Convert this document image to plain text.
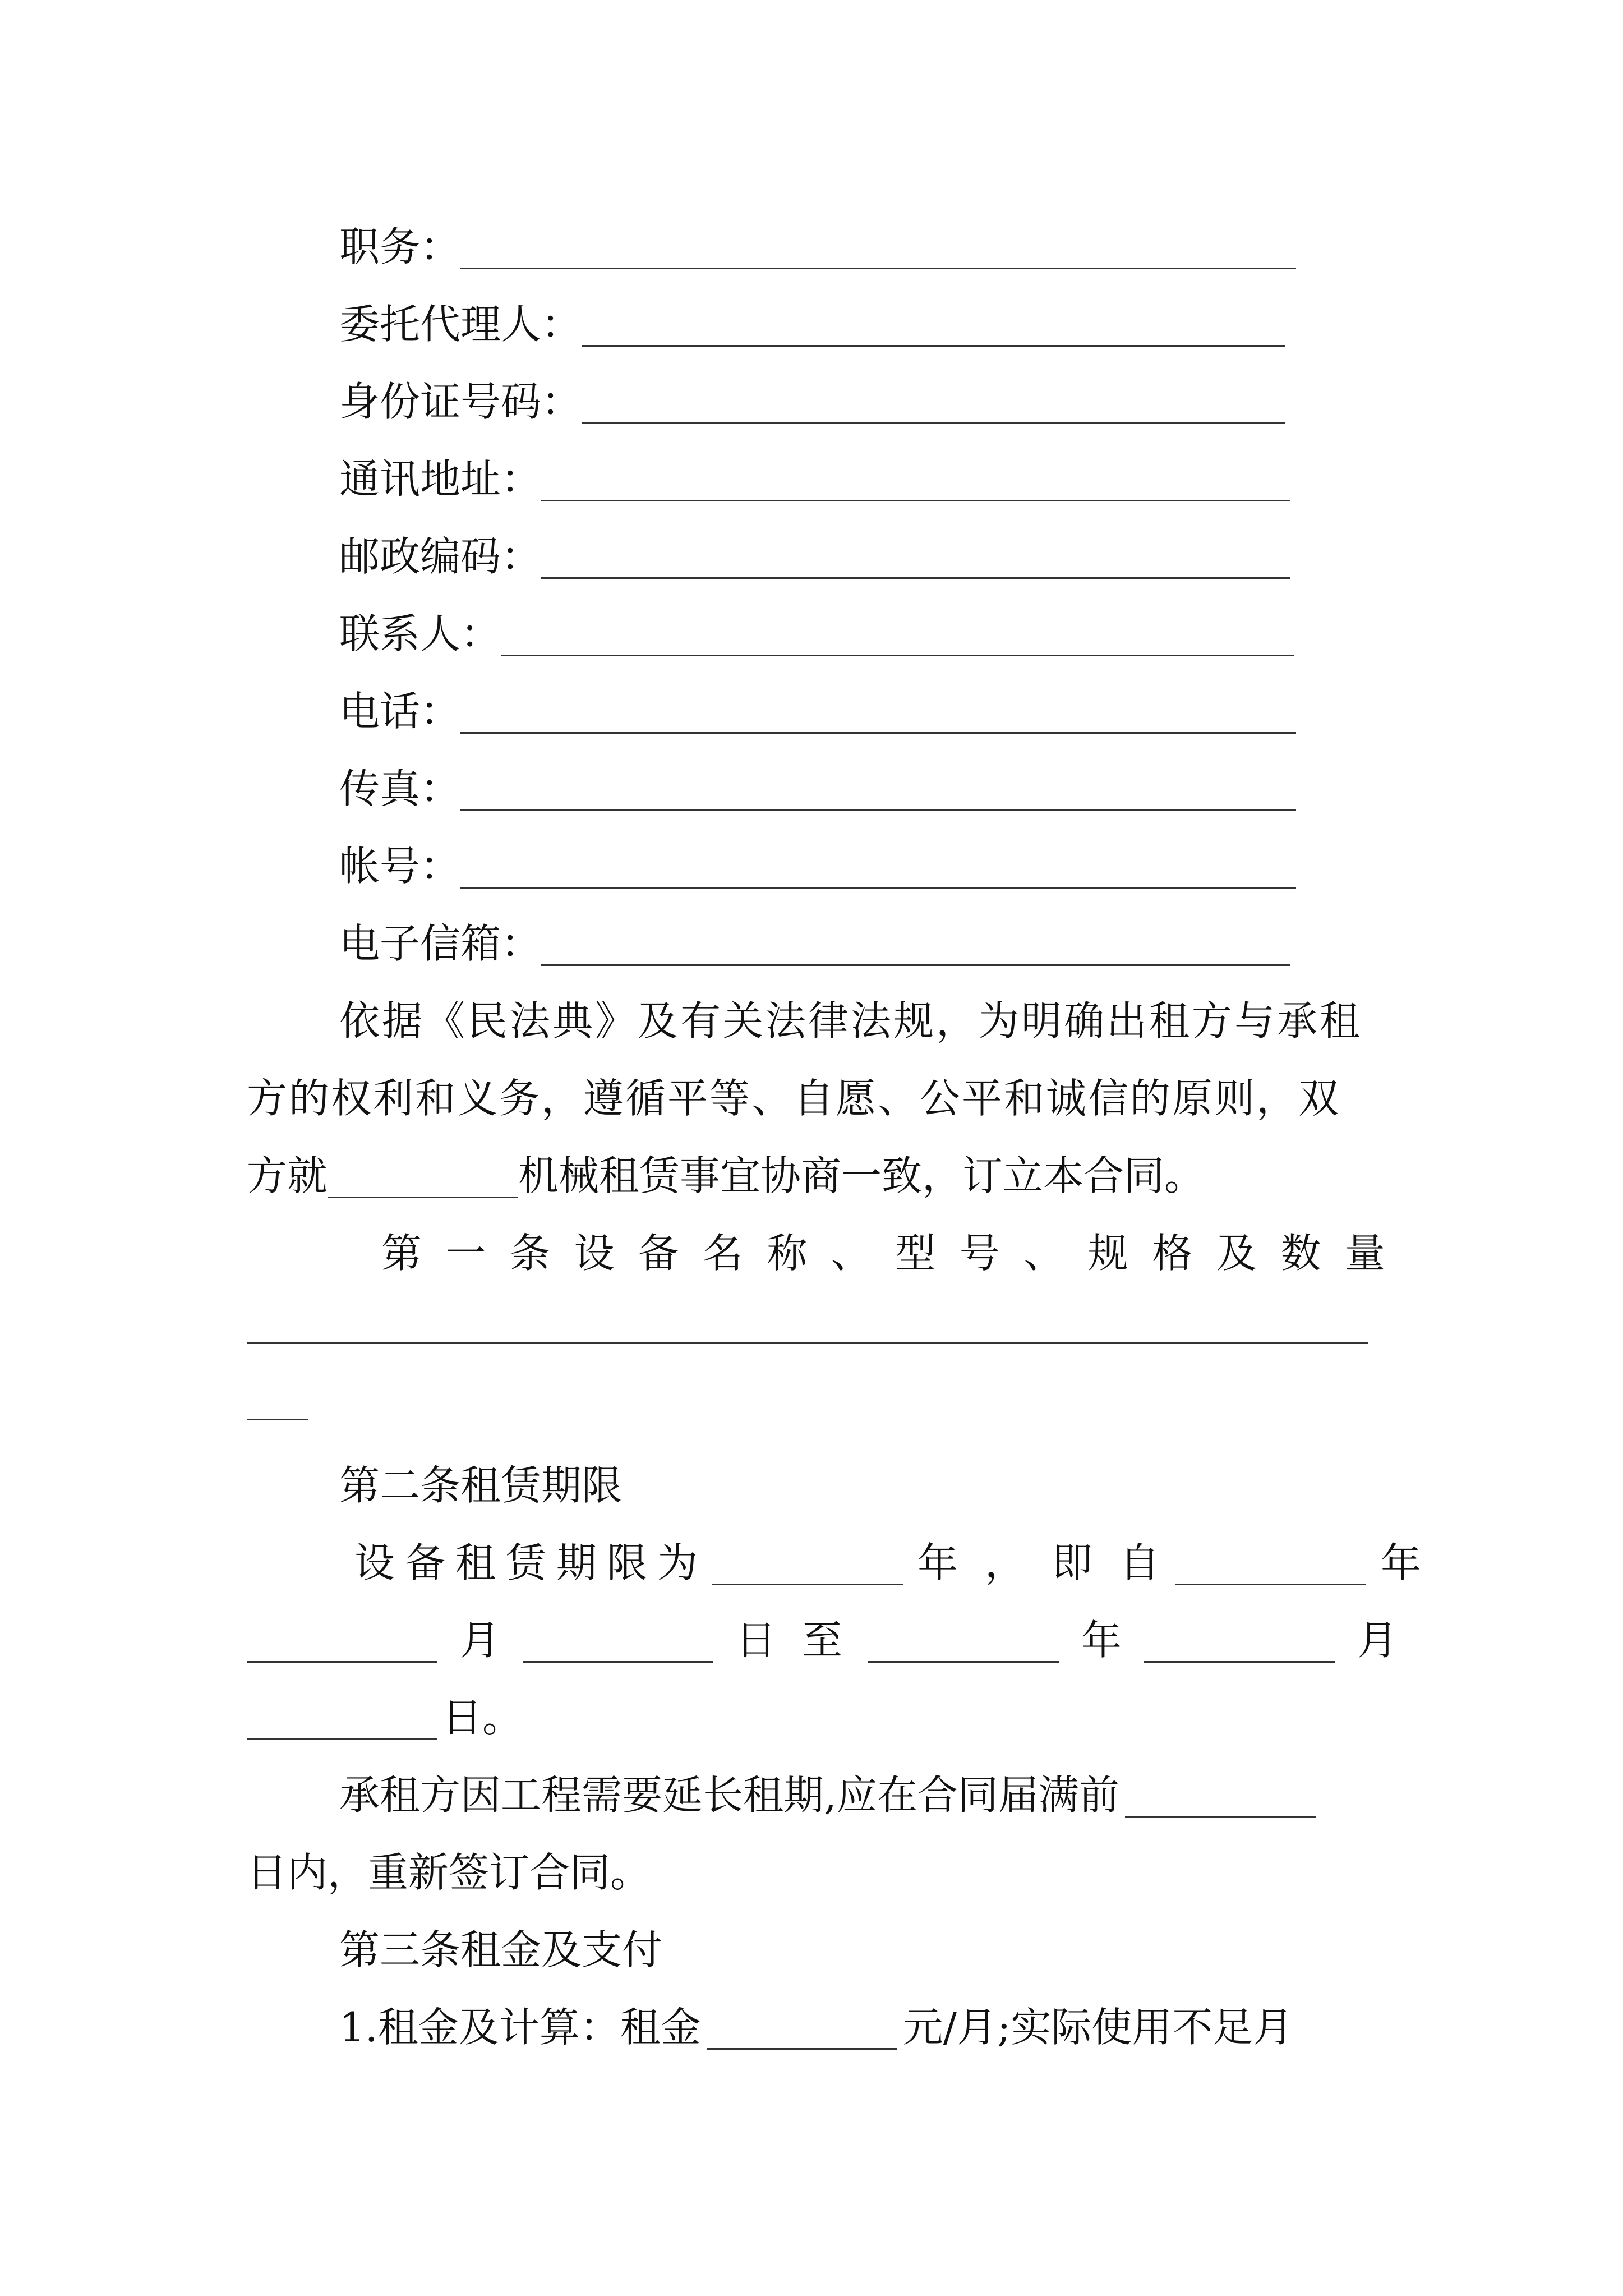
职务：
委托代理人：
身份证号码：
通讯地址：
邮政编码：
联系人：
电话：
传真：
帐号：
电子信箱：
依据《民法典》及有关法律法规，为明确出租方与承租
方的权利和义务，遵循平等、自愿、公平和诚信的原则，双
方就	机械租赁事宜协商一致，订立本合同。
第 一 条 设 备 名 称 、 型 号 、 规 格 及 数 量
第二条租赁期限
设备租赁期限为	年，即自	年
月	日至	年	月
日。
承租方因工程需要延长租期,应在合同届满前
日内，重新签订合同。
第三条租金及支付
1.租金及计算：租金	元/月;实际使用不足月
